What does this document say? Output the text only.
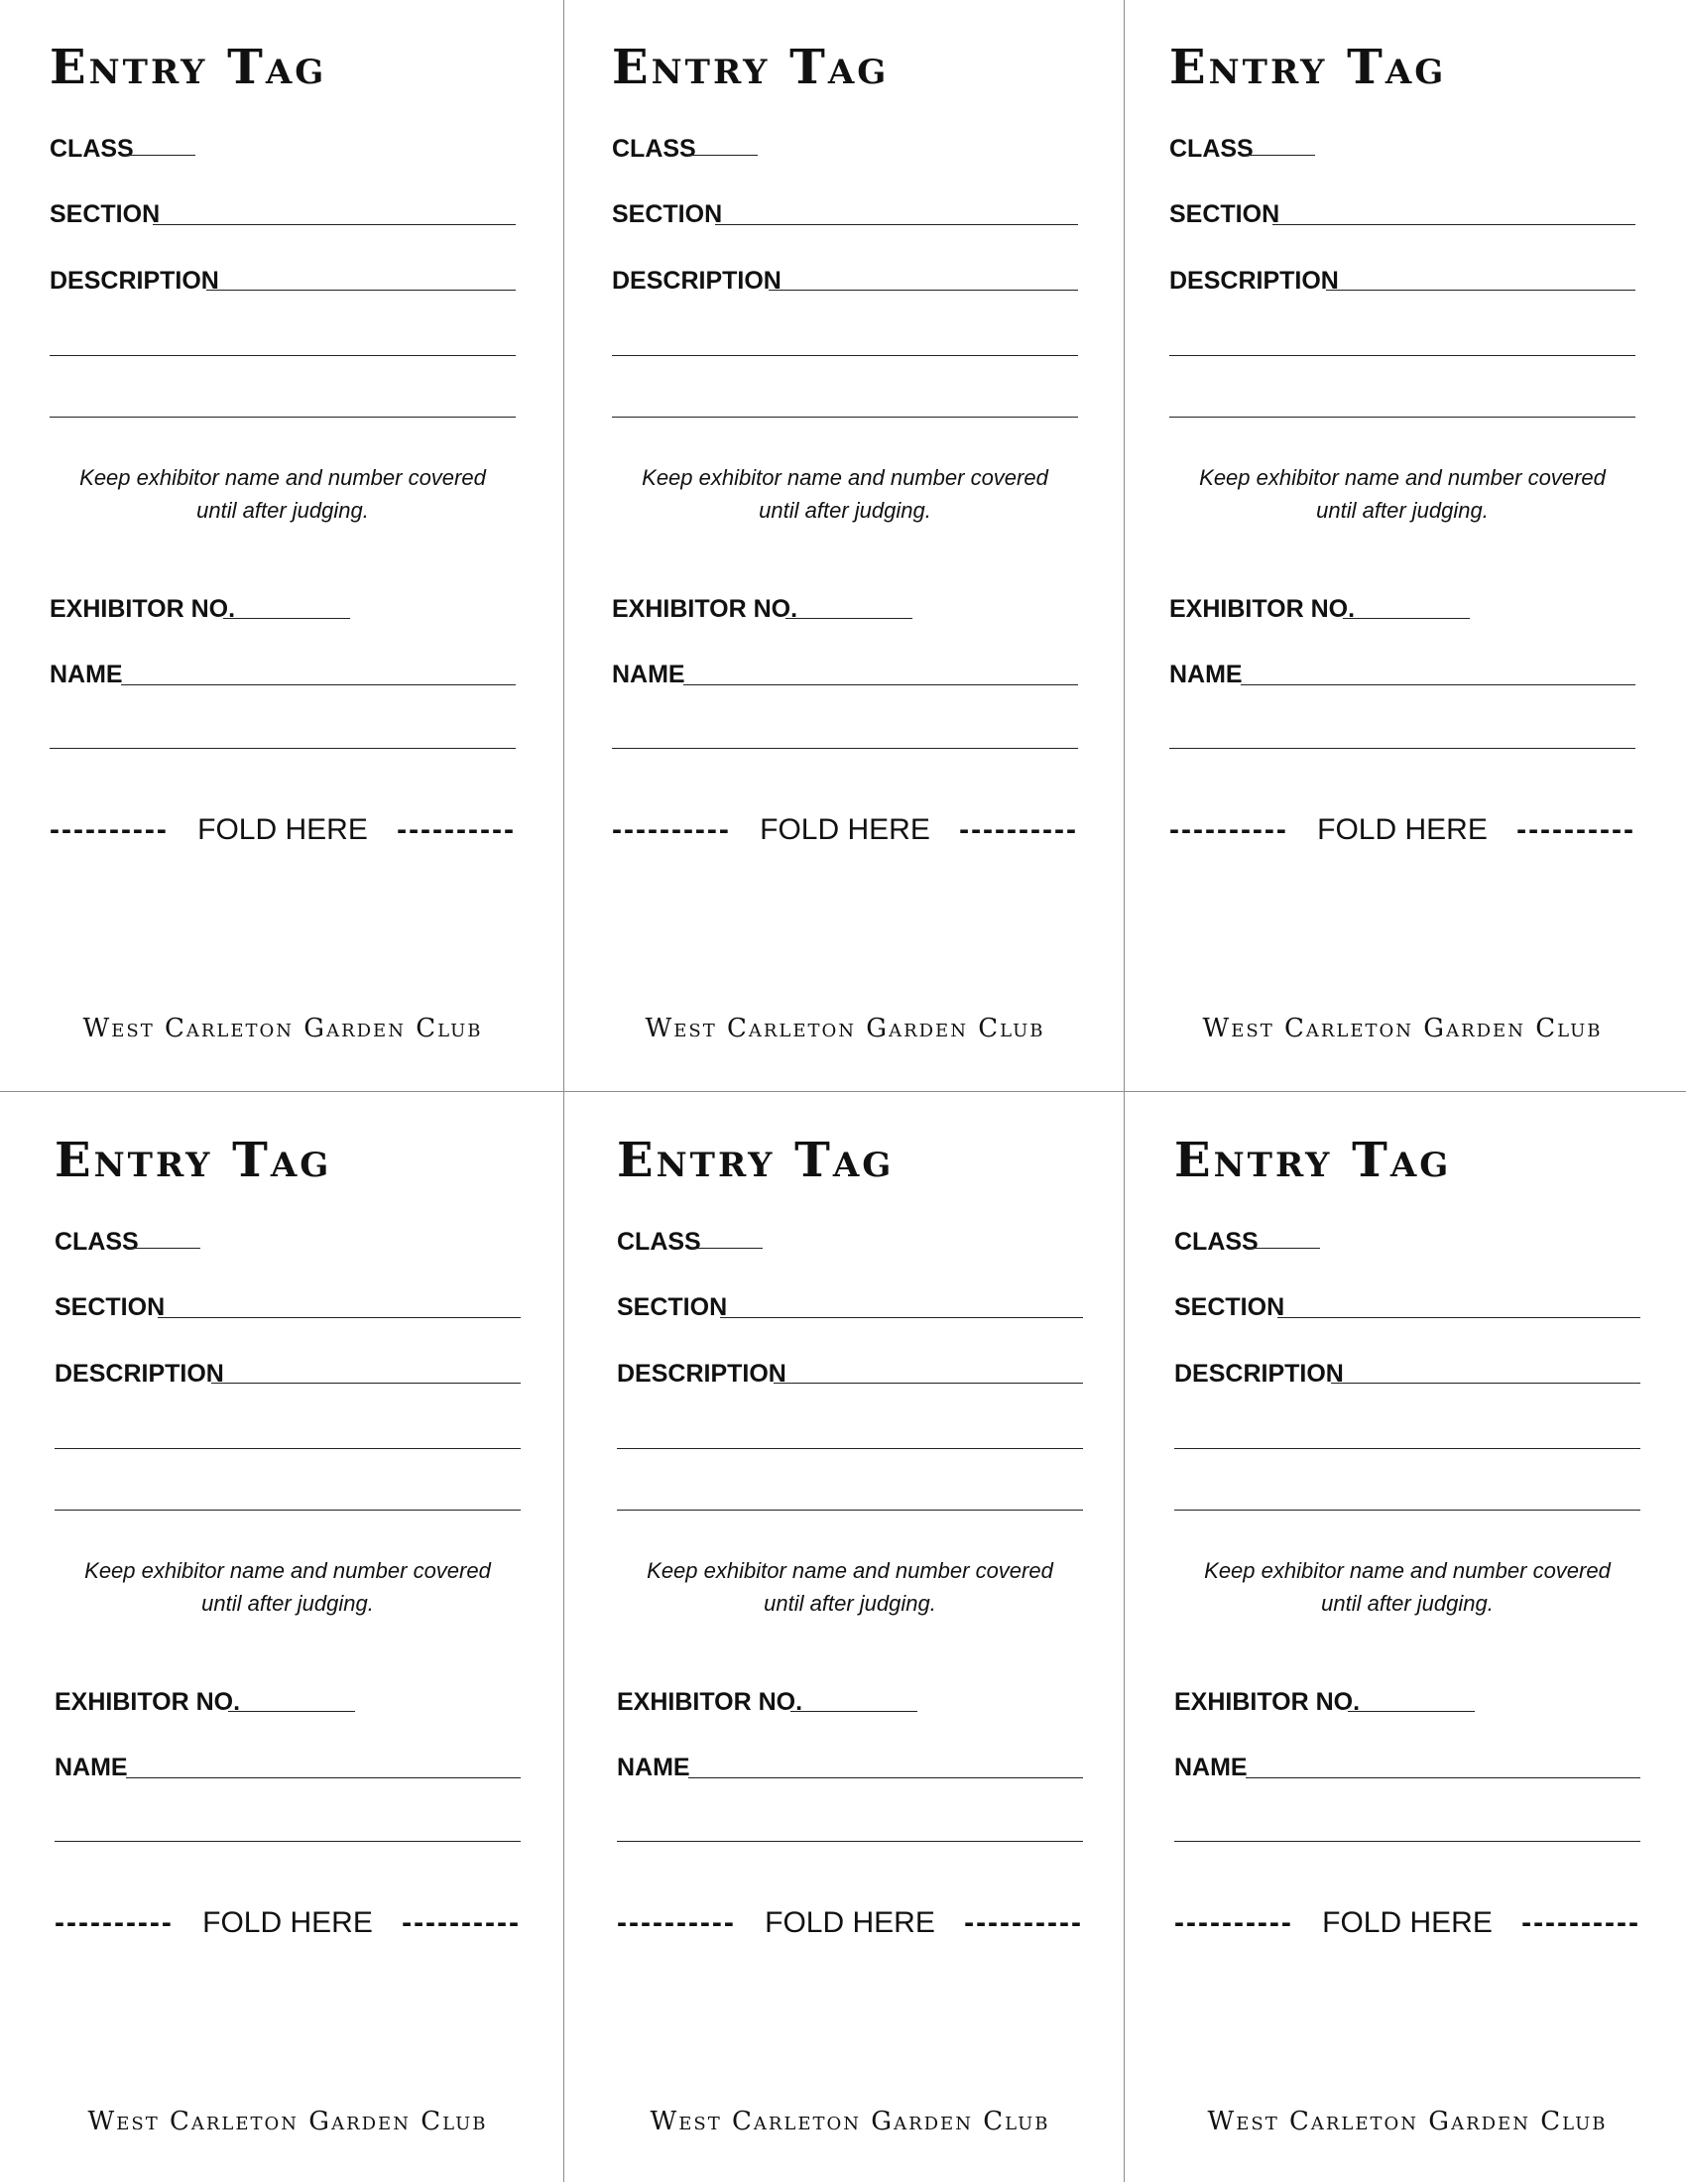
Entry Tag
CLASS
SECTION
DESCRIPTION
Keep exhibitor name and number covered
until after judging.
EXHIBITOR NO.
NAME
---------- FOLD HERE ----------
West Carleton Garden Club
Entry Tag
CLASS
SECTION
DESCRIPTION
Keep exhibitor name and number covered
until after judging.
EXHIBITOR NO.
NAME
---------- FOLD HERE ----------
West Carleton Garden Club
Entry Tag
CLASS
SECTION
DESCRIPTION
Keep exhibitor name and number covered
until after judging.
EXHIBITOR NO.
NAME
---------- FOLD HERE ----------
West Carleton Garden Club
Entry Tag
CLASS
SECTION
DESCRIPTION
Keep exhibitor name and number covered
until after judging.
EXHIBITOR NO.
NAME
---------- FOLD HERE ----------
West Carleton Garden Club
Entry Tag
CLASS
SECTION
DESCRIPTION
Keep exhibitor name and number covered
until after judging.
EXHIBITOR NO.
NAME
---------- FOLD HERE ----------
West Carleton Garden Club
Entry Tag
CLASS
SECTION
DESCRIPTION
Keep exhibitor name and number covered
until after judging.
EXHIBITOR NO.
NAME
---------- FOLD HERE ----------
West Carleton Garden Club
